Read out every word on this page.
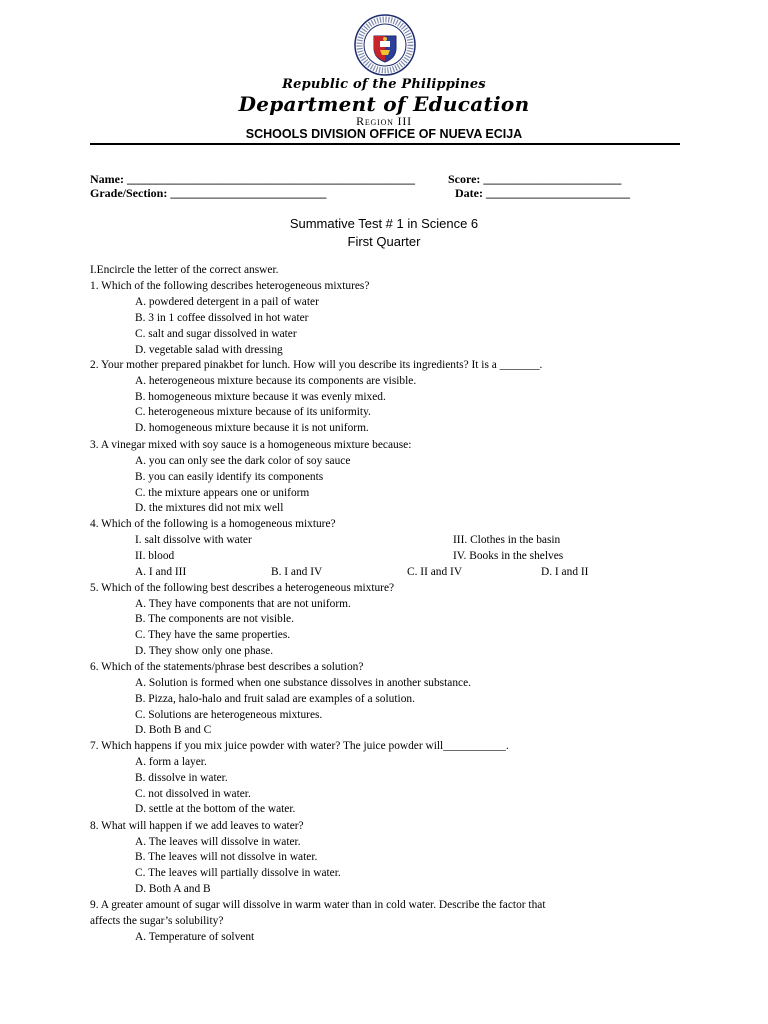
Republic of the Philippines
Department of Education
Region III
SCHOOLS DIVISION OFFICE OF NUEVA ECIJA
Name: ________________________________________________	Score: _______________________
Grade/Section: __________________________	Date: ________________________
Summative Test # 1 in Science 6
First Quarter
I.Encircle the letter of the correct answer.
1. Which of the following describes heterogeneous mixtures?
A. powdered detergent in a pail of water
B. 3 in 1 coffee dissolved in hot water
C. salt and sugar dissolved in water
D. vegetable salad with dressing
2. Your mother prepared pinakbet for lunch. How will you describe its ingredients? It is a _______.
A. heterogeneous mixture because its components are visible.
B. homogeneous mixture because it was evenly mixed.
C. heterogeneous mixture because of its uniformity.
D. homogeneous mixture because it is not uniform.
3. A vinegar mixed with soy sauce is a homogeneous mixture because:
A. you can only see the dark color of soy sauce
B. you can easily identify its components
C. the mixture appears one or uniform
D. the mixtures did not mix well
4. Which of the following is a homogeneous mixture?
I. salt dissolve with water	III. Clothes in the basin
II. blood	IV. Books in the shelves
A. I and III	B. I and IV	C. II and IV	D. I and II
5. Which of the following best describes a heterogeneous mixture?
A. They have components that are not uniform.
B. The components are not visible.
C. They have the same properties.
D. They show only one phase.
6. Which of the statements/phrase best describes a solution?
A. Solution is formed when one substance dissolves in another substance.
B. Pizza, halo-halo and fruit salad are examples of a solution.
C. Solutions are heterogeneous mixtures.
D. Both B and C
7. Which happens if you mix juice powder with water? The juice powder will___________.
A. form a layer.
B. dissolve in water.
C. not dissolved in water.
D. settle at the bottom of the water.
8. What will happen if we add leaves to water?
A. The leaves will dissolve in water.
B. The leaves will not dissolve in water.
C. The leaves will partially dissolve in water.
D. Both A and B
9. A greater amount of sugar will dissolve in warm water than in cold water. Describe the factor that
affects the sugar’s solubility?
A. Temperature of solvent
